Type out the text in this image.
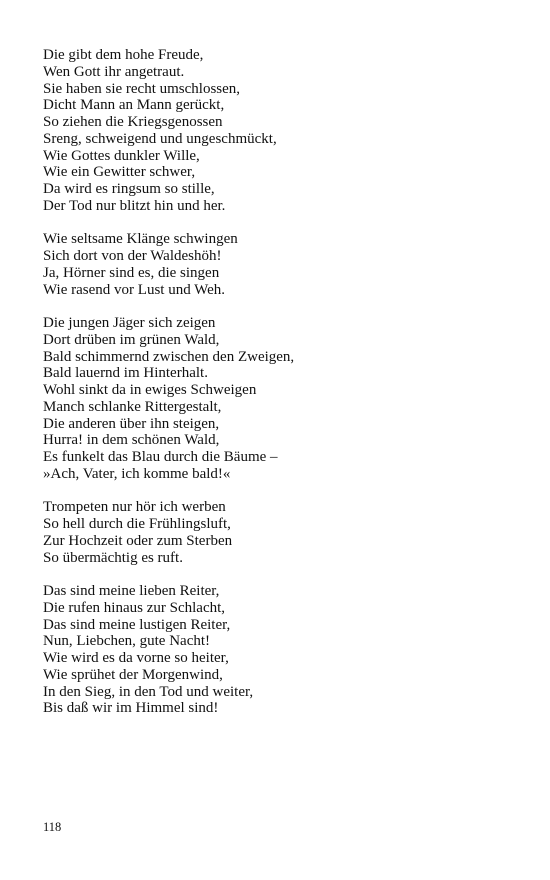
Die gibt dem hohe Freude,
Wen Gott ihr angetraut.
Sie haben sie recht umschlossen,
Dicht Mann an Mann gerückt,
So ziehen die Kriegsgenossen
Sreng, schweigend und ungeschmückt,
Wie Gottes dunkler Wille,
Wie ein Gewitter schwer,
Da wird es ringsum so stille,
Der Tod nur blitzt hin und her.
Wie seltsame Klänge schwingen
Sich dort von der Waldeshöh!
Ja, Hörner sind es, die singen
Wie rasend vor Lust und Weh.
Die jungen Jäger sich zeigen
Dort drüben im grünen Wald,
Bald schimmernd zwischen den Zweigen,
Bald lauernd im Hinterhalt.
Wohl sinkt da in ewiges Schweigen
Manch schlanke Rittergestalt,
Die anderen über ihn steigen,
Hurra! in dem schönen Wald,
Es funkelt das Blau durch die Bäume –
»Ach, Vater, ich komme bald!«
Trompeten nur hör ich werben
So hell durch die Frühlingsluft,
Zur Hochzeit oder zum Sterben
So übermächtig es ruft.
Das sind meine lieben Reiter,
Die rufen hinaus zur Schlacht,
Das sind meine lustigen Reiter,
Nun, Liebchen, gute Nacht!
Wie wird es da vorne so heiter,
Wie sprühet der Morgenwind,
In den Sieg, in den Tod und weiter,
Bis daß wir im Himmel sind!
118
